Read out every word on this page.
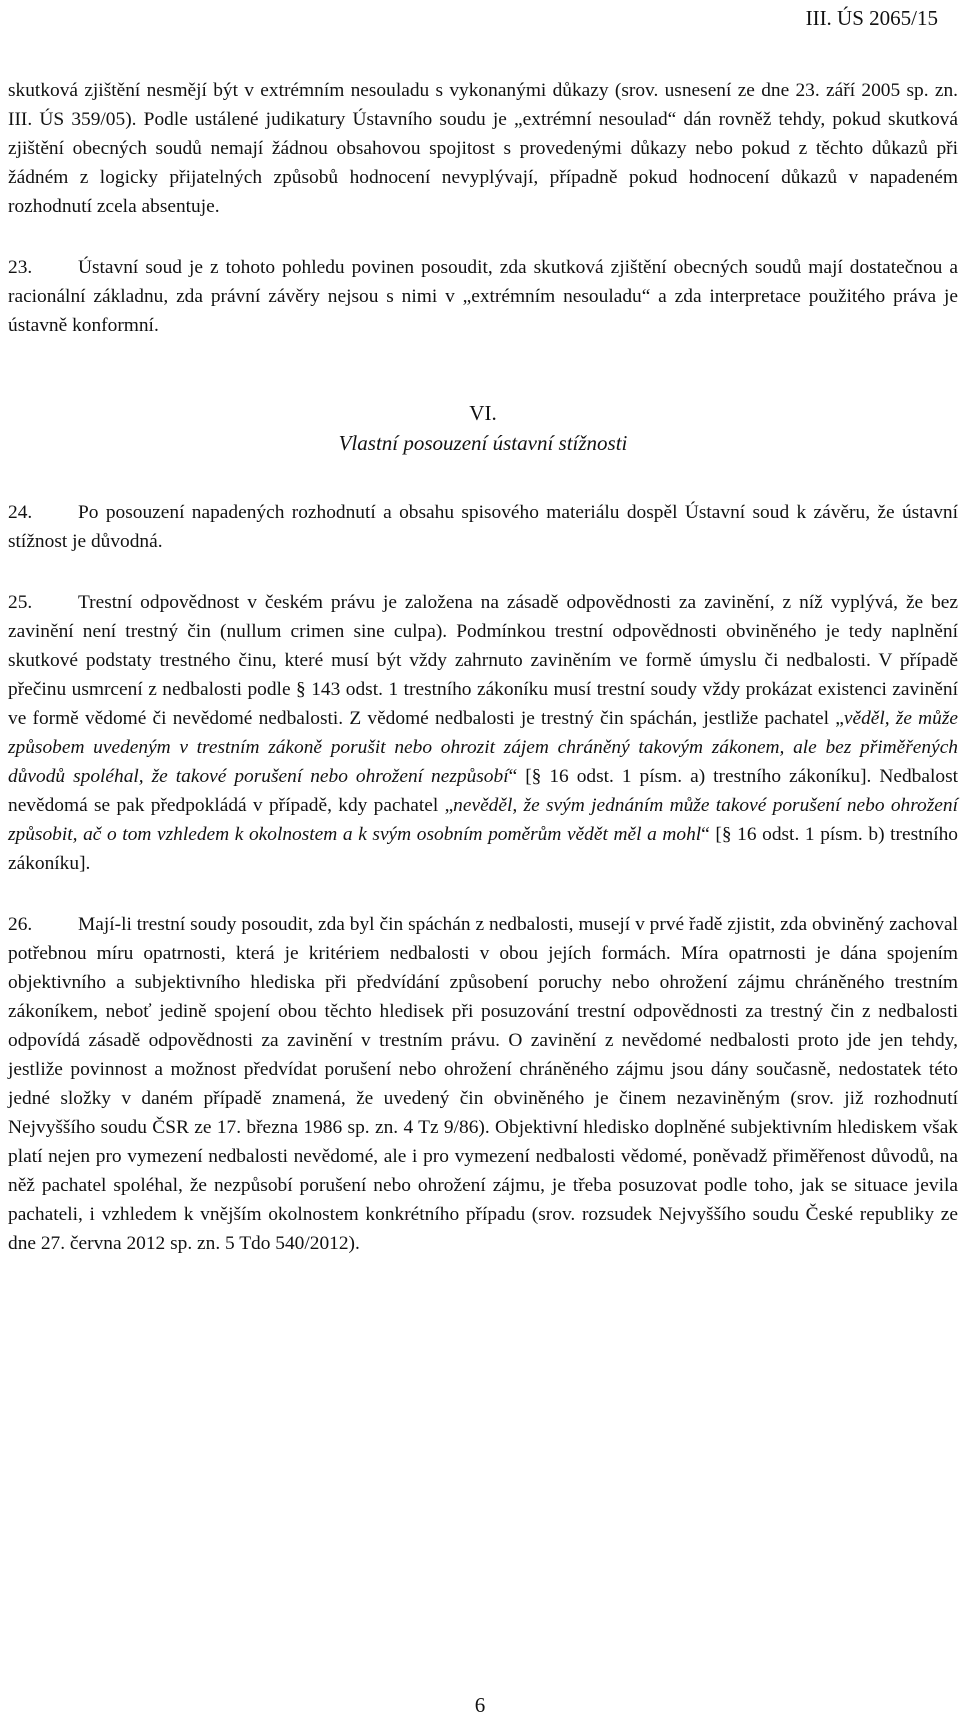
III. ÚS 2065/15

skutková zjištění nesmějí být v extrémním nesouladu s vykonanými důkazy (srov. usnesení ze dne 23. září 2005 sp. zn. III. ÚS 359/05). Podle ustálené judikatury Ústavního soudu je „extrémní nesoulad“ dán rovněž tehdy, pokud skutková zjištění obecných soudů nemají žádnou obsahovou spojitost s provedenými důkazy nebo pokud z těchto důkazů při žádném z logicky přijatelných způsobů hodnocení nevyplývají, případně pokud hodnocení důkazů v napadeném rozhodnutí zcela absentuje.

23. Ústavní soud je z tohoto pohledu povinen posoudit, zda skutková zjištění obecných soudů mají dostatečnou a racionální základnu, zda právní závěry nejsou s nimi v „extrémním nesouladu“ a zda interpretace použitého práva je ústavně konformní.

VI.
Vlastní posouzení ústavní stížnosti

24. Po posouzení napadených rozhodnutí a obsahu spisového materiálu dospěl Ústavní soud k závěru, že ústavní stížnost je důvodná.

25. Trestní odpovědnost v českém právu je založena na zásadě odpovědnosti za zavinění, z níž vyplývá, že bez zavinění není trestný čin (nullum crimen sine culpa). Podmínkou trestní odpovědnosti obviněného je tedy naplnění skutkové podstaty trestného činu, které musí být vždy zahrnuto zaviněním ve formě úmyslu či nedbalosti. V případě přečinu usmrcení z nedbalosti podle § 143 odst. 1 trestního zákoníku musí trestní soudy vždy prokázat existenci zavinění ve formě vědomé či nevědomé nedbalosti. Z vědomé nedbalosti je trestný čin spáchán, jestliže pachatel „věděl, že může způsobem uvedeným v trestním zákoně porušit nebo ohrozit zájem chráněný takovým zákonem, ale bez přiměřených důvodů spoléhal, že takové porušení nebo ohrožení nezpůsobí“ [§ 16 odst. 1 písm. a) trestního zákoníku]. Nedbalost nevědomá se pak předpokládá v případě, kdy pachatel „nevěděl, že svým jednáním může takové porušení nebo ohrožení způsobit, ač o tom vzhledem k okolnostem a k svým osobním poměrům vědět měl a mohl“ [§ 16 odst. 1 písm. b) trestního zákoníku].

26. Mají-li trestní soudy posoudit, zda byl čin spáchán z nedbalosti, musejí v prvé řadě zjistit, zda obviněný zachoval potřebnou míru opatrnosti, která je kritériem nedbalosti v obou jejích formách. Míra opatrnosti je dána spojením objektivního a subjektivního hlediska při předvídání způsobení poruchy nebo ohrožení zájmu chráněného trestním zákoníkem, neboť jedině spojení obou těchto hledisek při posuzování trestní odpovědnosti za trestný čin z nedbalosti odpovídá zásadě odpovědnosti za zavinění v trestním právu. O zavinění z nevědomé nedbalosti proto jde jen tehdy, jestliže povinnost a možnost předvídat porušení nebo ohrožení chráněného zájmu jsou dány současně, nedostatek této jedné složky v daném případě znamená, že uvedený čin obviněného je činem nezaviněným (srov. již rozhodnutí Nejvyššího soudu ČSR ze 17. března 1986 sp. zn. 4 Tz 9/86). Objektivní hledisko doplněné subjektivním hlediskem však platí nejen pro vymezení nedbalosti nevědomé, ale i pro vymezení nedbalosti vědomé, poněvadž přiměřenost důvodů, na něž pachatel spoléhal, že nezpůsobí porušení nebo ohrožení zájmu, je třeba posuzovat podle toho, jak se situace jevila pachateli, i vzhledem k vnějším okolnostem konkrétního případu (srov. rozsudek Nejvyššího soudu České republiky ze dne 27. června 2012 sp. zn. 5 Tdo 540/2012).

6
